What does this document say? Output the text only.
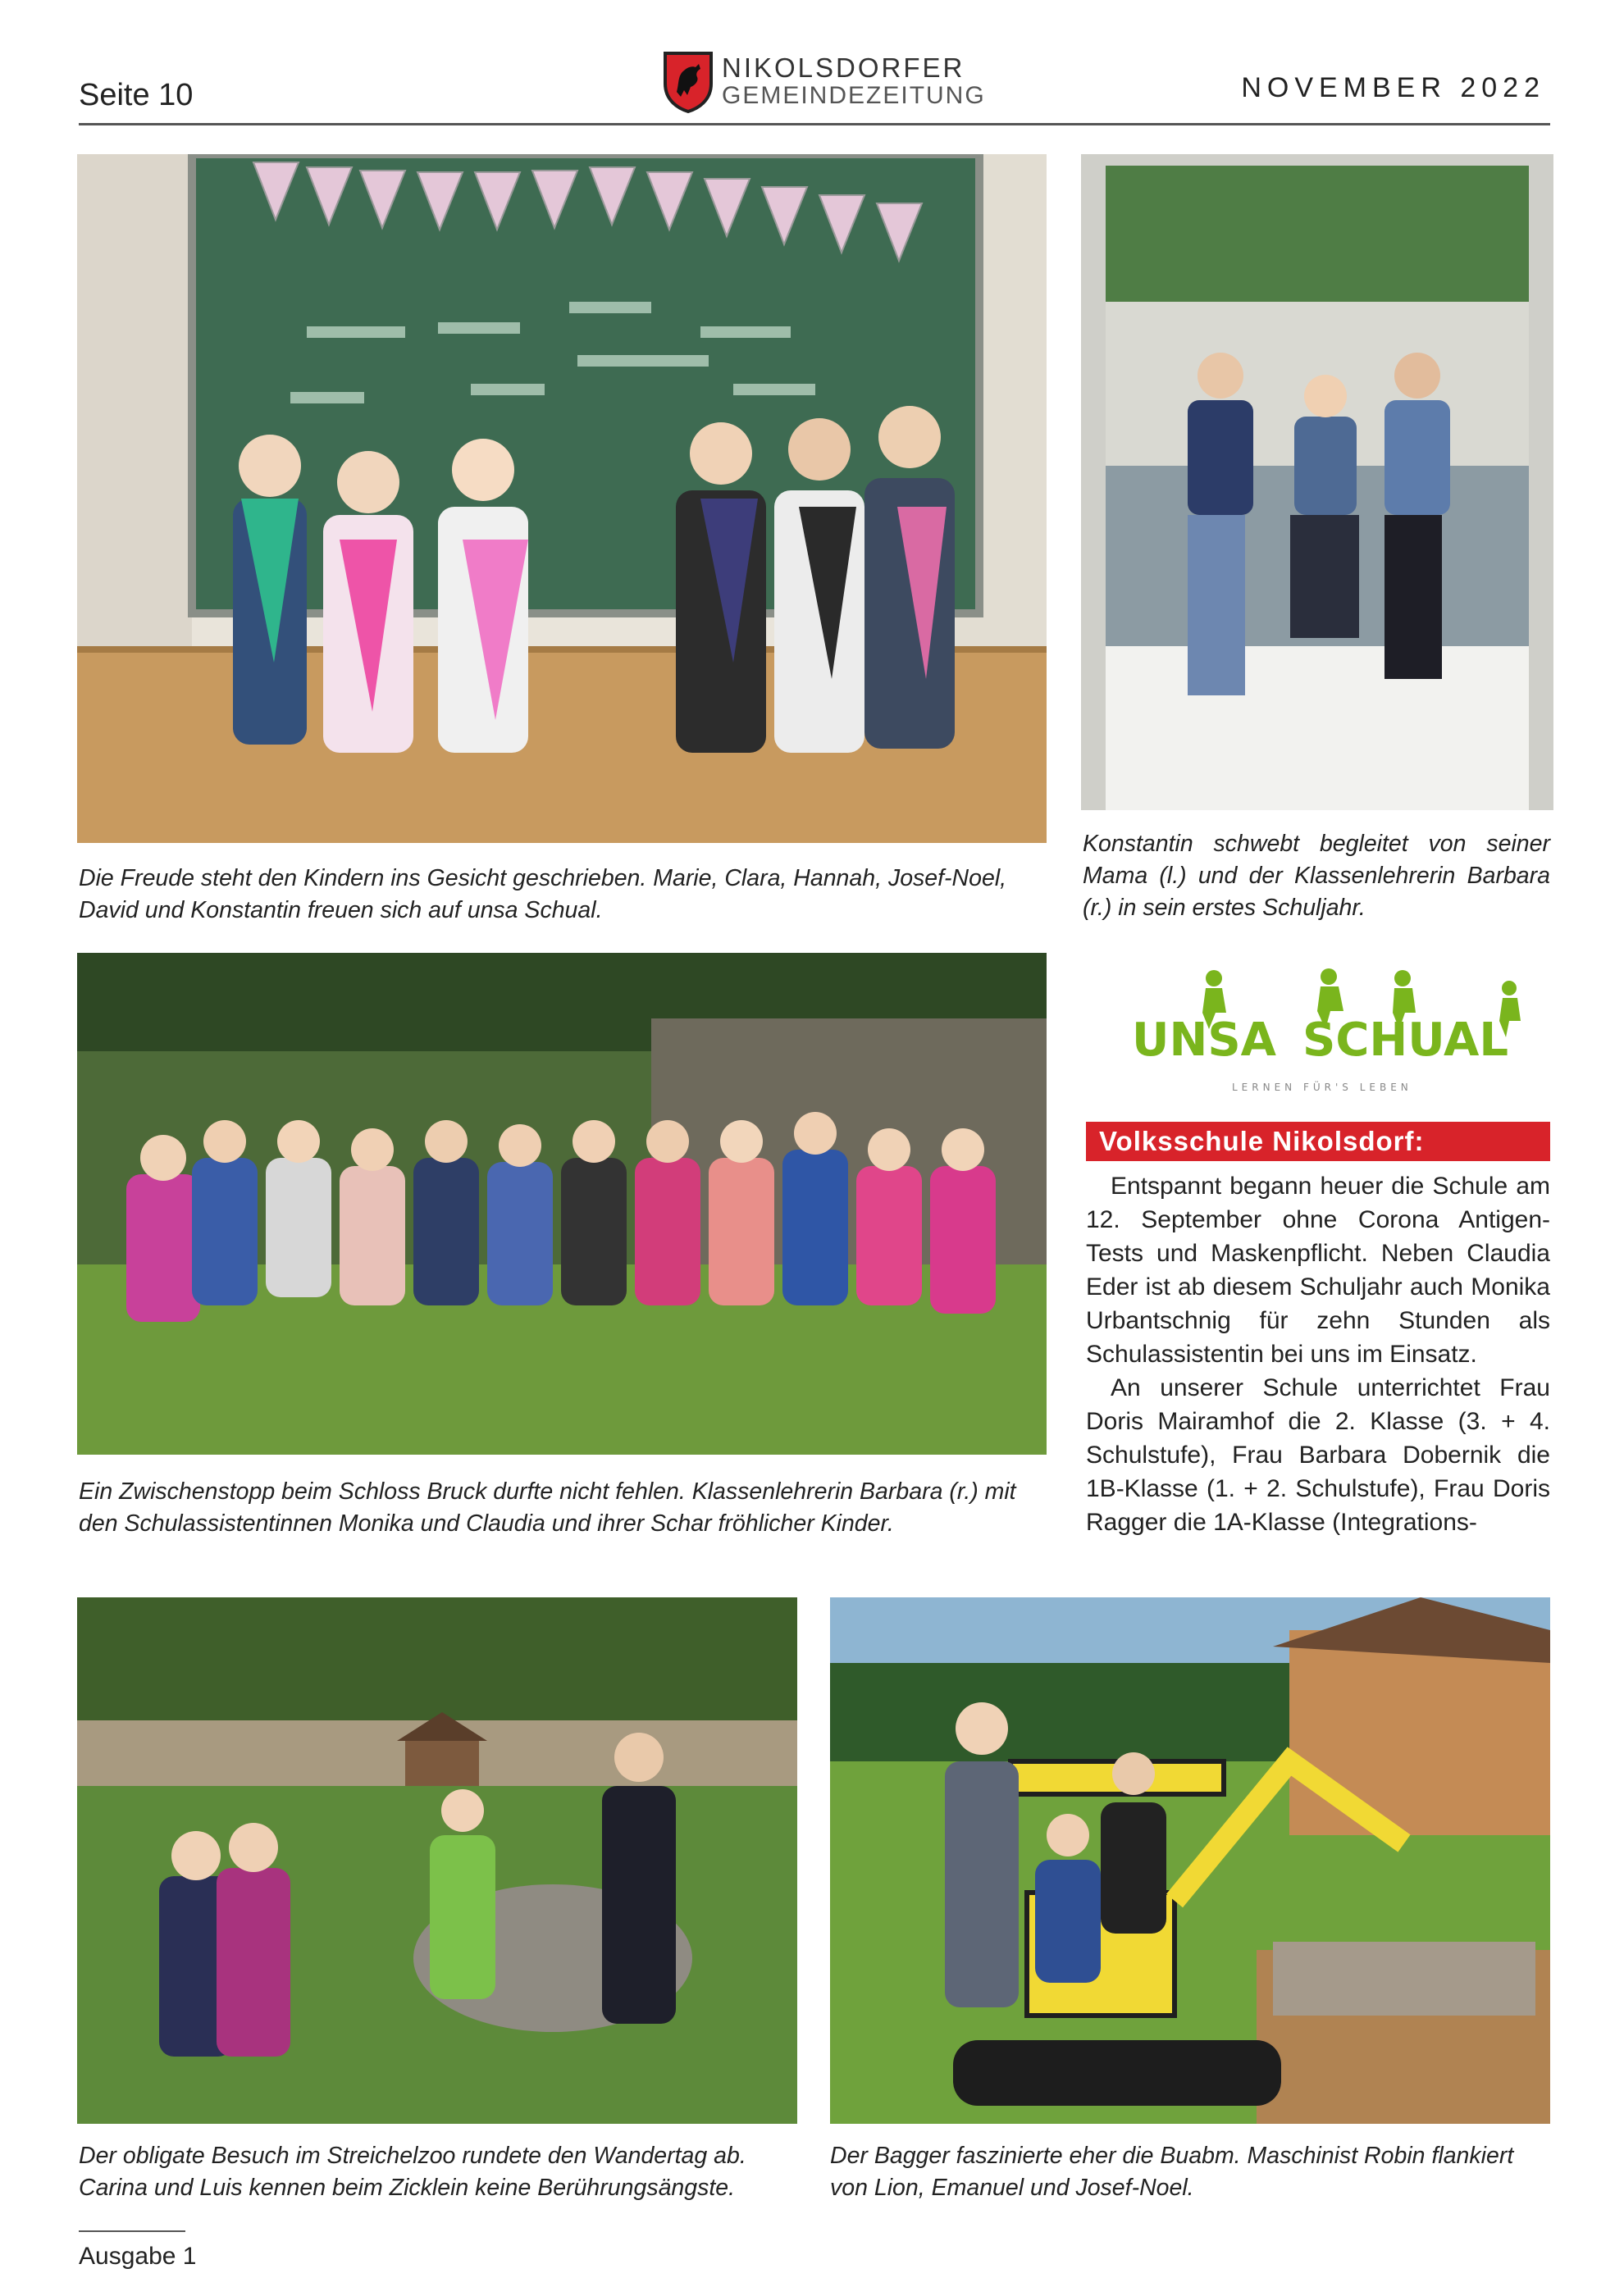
Seite 10
NIKOLSDORFER
GEMEINDEZEITUNG	NOVEMBER 2022
Die Freude steht den Kindern ins Gesicht geschrieben. Marie, Clara, Hannah, Josef-Noel, David und Konstantin freuen sich auf unsa Schual.
Konstantin schwebt begleitet von seiner Mama (l.) und der Klassenlehrerin Barbara (r.) in sein erstes Schuljahr.
UNSA SCHUAL
LERNEN FÜR'S LEBEN
Volksschule Nikolsdorf:

Entspannt begann heuer die Schule am 12. September ohne Corona Antigen-Tests und Maskenpflicht. Neben Claudia Eder ist ab diesem Schuljahr auch Monika Urbantschnig für zehn Stunden als Schulassistentin bei uns im Einsatz.

An unserer Schule unterrichtet Frau Doris Mairamhof die 2. Klasse (3. + 4. Schulstufe), Frau Barbara Dobernik die 1B-Klasse (1. + 2. Schulstufe), Frau Doris Ragger die 1A-Klasse (Integrations-

Ein Zwischenstopp beim Schloss Bruck durfte nicht fehlen. Klassenlehrerin Barbara (r.) mit den Schulassistentinnen Monika und Claudia und ihrer Schar fröhlicher Kinder.
Der obligate Besuch im Streichelzoo rundete den Wandertag ab. Carina und Luis kennen beim Zicklein keine Berührungsängste.
Der Bagger faszinierte eher die Buabm. Maschinist Robin flankiert von Lion, Emanuel und Josef-Noel.
Ausgabe 1
